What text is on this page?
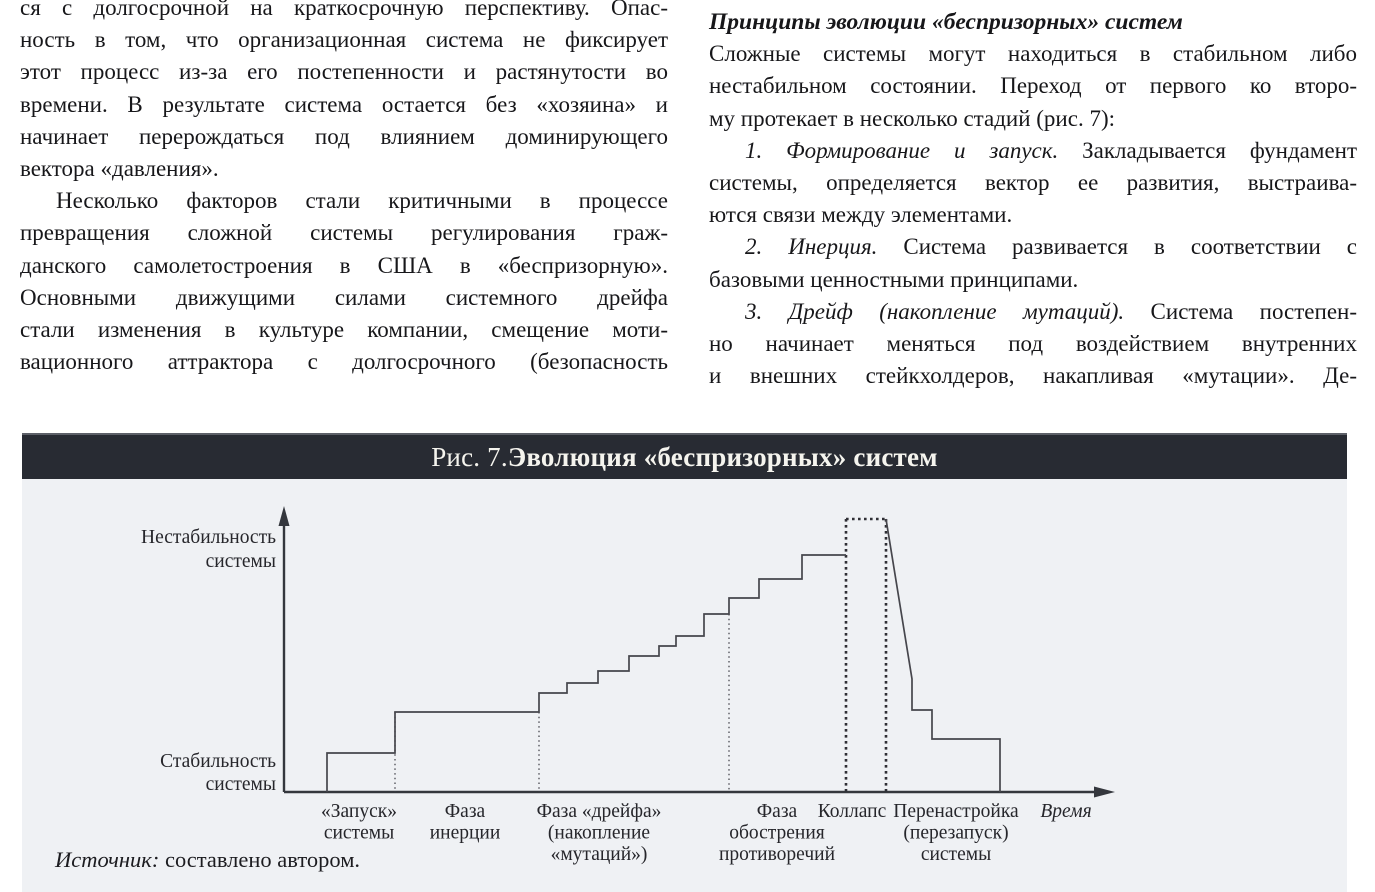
ся с долгосрочной на краткосрочную перспективу. Опас-
ность в том, что организационная система не фиксирует
этот процесс из-за его постепенности и растянутости во
времени. В результате система остается без «хозяина» и
начинает перерождаться под влиянием доминирующего
вектора «давления».
Несколько факторов стали критичными в процессе
превращения сложной системы регулирования граж-
данского самолетостроения в США в «беспризорную».
Основными движущими силами системного дрейфа
стали изменения в культуре компании, смещение моти-
вационного аттрактора с долгосрочного (безопасность
Принципы эволюции «беспризорных» систем
Сложные системы могут находиться в стабильном либо
нестабильном состоянии. Переход от первого ко второ-
му протекает в несколько стадий (рис. 7):
1. Формирование и запуск. Закладывается фундамент
системы, определяется вектор ее развития, выстраива-
ются связи между элементами.
2. Инерция. Система развивается в соответствии с
базовыми ценностными принципами.
3. Дрейф (накопление мутаций). Система постепен-
но начинает меняться под воздействием внутренних
и внешних стейкхолдеров, накапливая «мутации». Де-
Рис. 7. Эволюция «беспризорных» систем
Нестабильность системы
Стабильность системы
«Запуск» системы
Фаза инерции
Фаза «дрейфа» (накопление «мутаций»)
Фаза обострения противоречий
Коллапс Перенастройка (перезапуск) системы
Время

Источник: составлено автором.
